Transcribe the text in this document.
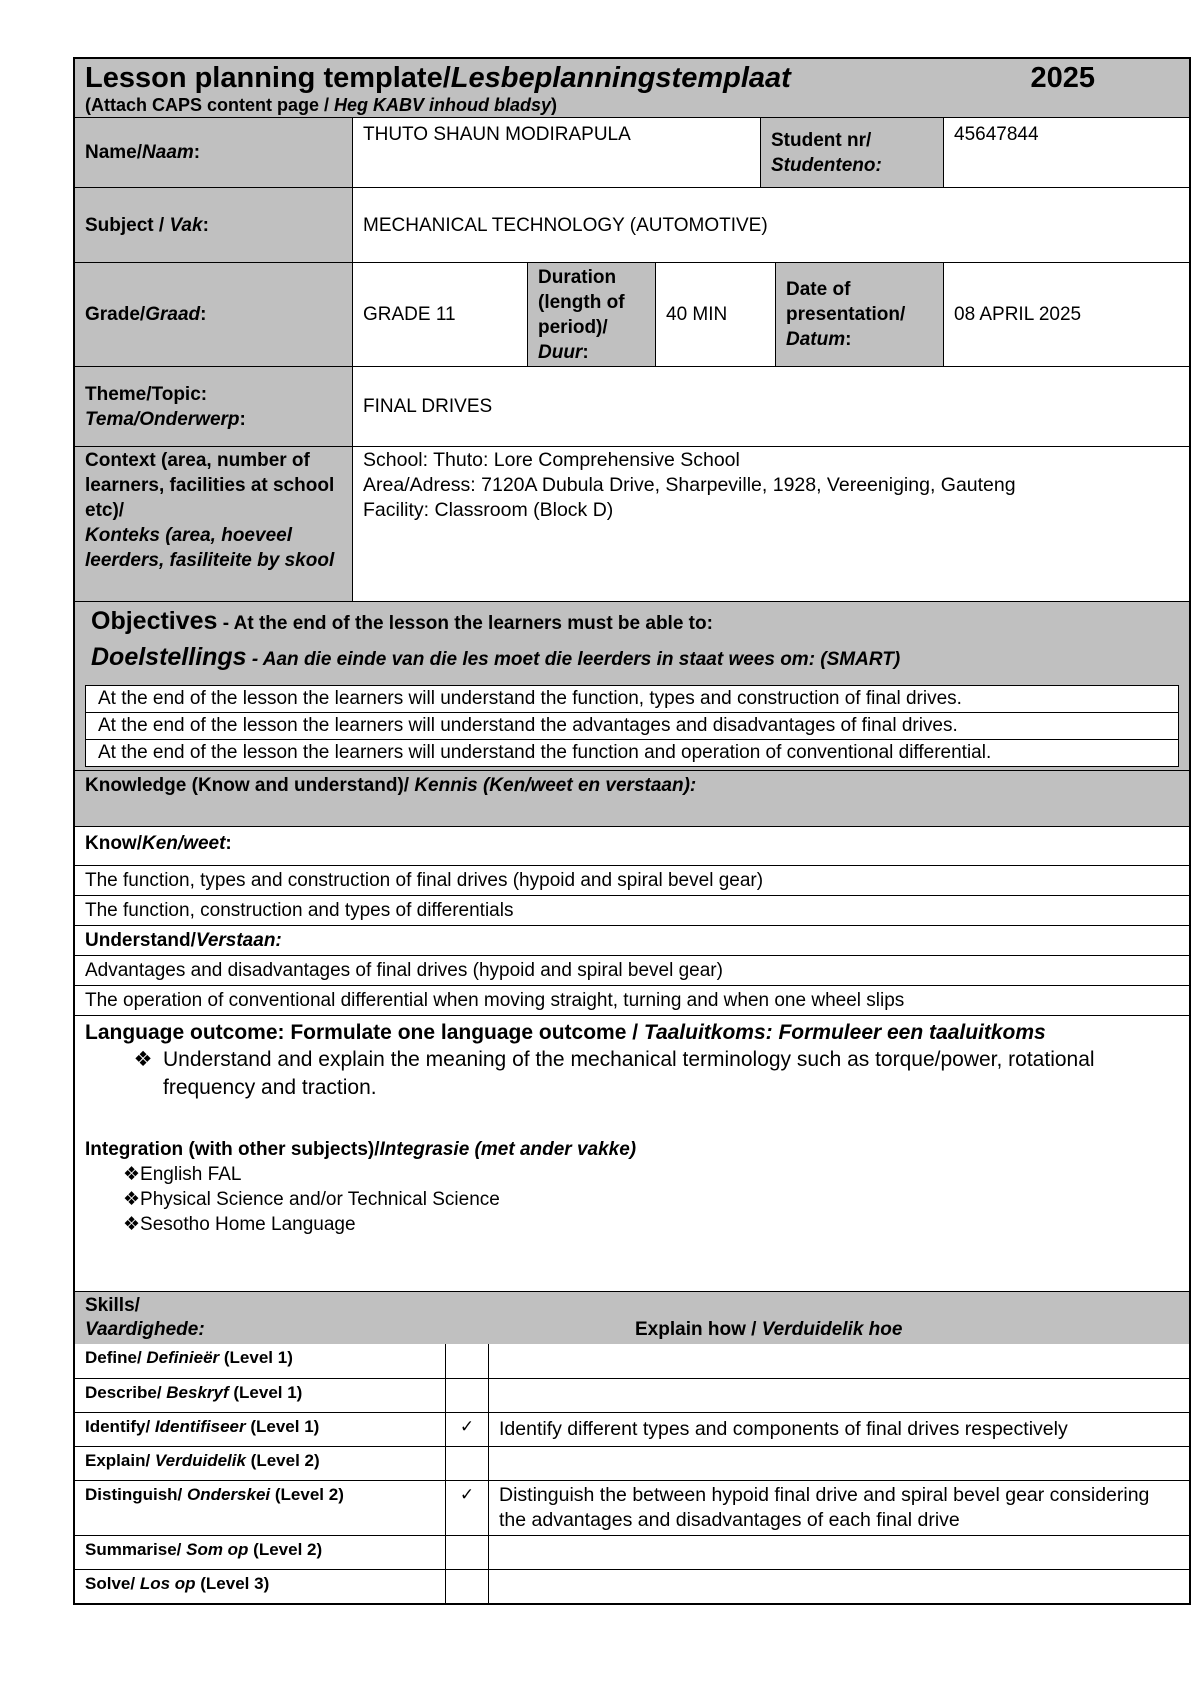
Lesson planning template/Lesbeplanningstemplaat	2025
(Attach CAPS content page / Heg KABV inhoud bladsy)
Name/Naam:
THUTO SHAUN MODIRAPULA	Student nr/
Studenteno:
45647844
Subject / Vak:	MECHANICAL TECHNOLOGY (AUTOMOTIVE)
Grade/Graad:	GRADE 11
Duration (length of period)/
Duur:
40 MIN
Date of presentation/
Datum:
08 APRIL 2025
Theme/Topic:
Tema/Onderwerp:
FINAL DRIVES
Context (area, number of learners, facilities at school etc)/
Konteks (area, hoeveel leerders, fasiliteite by skool
School: Thuto: Lore Comprehensive School
Area/Adress: 7120A Dubula Drive, Sharpeville, 1928, Vereeniging, Gauteng
Facility: Classroom (Block D)
Objectives - At the end of the lesson the learners must be able to:
Doelstellings - Aan die einde van die les moet die leerders in staat wees om: (SMART)
At the end of the lesson the learners will understand the function, types and construction of final drives.
At the end of the lesson the learners will understand the advantages and disadvantages of final drives.
At the end of the lesson the learners will understand the function and operation of conventional differential.
Knowledge (Know and understand)/ Kennis (Ken/weet en verstaan):
Know/Ken/weet:
The function, types and construction of final drives (hypoid and spiral bevel gear)
The function, construction and types of differentials
Understand/Verstaan:
Advantages and disadvantages of final drives (hypoid and spiral bevel gear)
The operation of conventional differential when moving straight, turning and when one wheel slips
Language outcome: Formulate one language outcome / Taaluitkoms: Formuleer een taaluitkoms
❖ Understand and explain the meaning of the mechanical terminology such as torque/power, rotational frequency and traction.
Integration (with other subjects)/Integrasie (met ander vakke)
❖English FAL
❖Physical Science and/or Technical Science
❖Sesotho Home Language
Skills/
Vaardighede:	Explain how /
Verduidelik hoe
Define/ Definieër (Level 1)
Describe/ Beskryf (Level 1)
Identify/ Identifiseer (Level 1)	✓	Identify different types and components of final drives respectively
Explain/ Verduidelik (Level 2)
Distinguish/ Onderskei (Level 2)	✓	Distinguish the between hypoid final drive and spiral bevel gear considering the advantages and disadvantages of each final drive
Summarise/ Som op (Level 2)
Solve/ Los op (Level 3)
